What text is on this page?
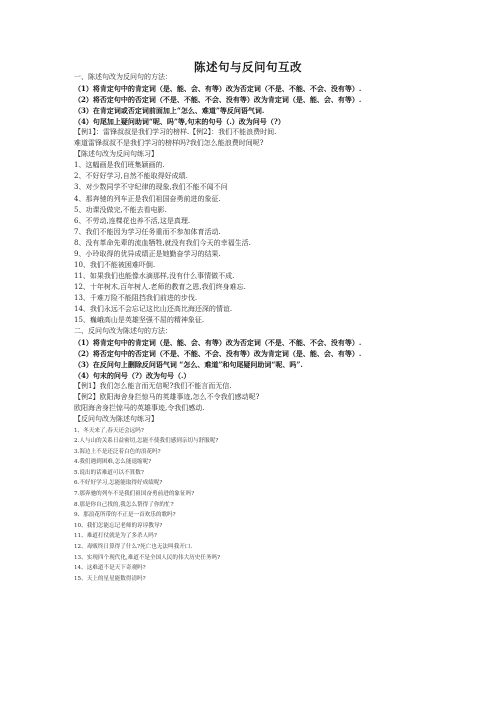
陈述句与反问句互改

一、陈述句改为反问句的方法：

（1）将肯定句中的肯定词（是、能、会、有等）改为否定词（不是、不能、不会、没有等）.

（2）将否定句中的否定词（不是、不能、不会、没有等）改为肯定词（是、能、会、有等）.

（3）在肯定词或否定词前面加上“怎么、难道”等反问语气词.

（4）句尾加上疑问助词“呢、吗”等,句末的句号（.）改为问号（?）

【例1】：雷锋叔叔是我们学习的榜样.【例2】：我们不能浪费时间.

难道雷锋叔叔不是我们学习的榜样吗?我们怎么能浪费时间呢?

【陈述句改为反问句练习】

1、这幅画是我们班集颖画的.

2、不好好学习,自然不能取得好成绩.

3、对少数同学不守纪律的现象,我们不能不闻不问

4、那奔驰的列车正是我们祖国奋勇前进的象征.

5、功课没做完,不能去看电影.

6、不劳动,连棵花也养不活,这是真理.

7、我们不能因为学习任务重而不参加体育活动.

8、没有革命先辈的流血牺牲,就没有我们今天的幸福生活.

9、小玲取得的优异成绩正是她勤奋学习的结果.

10、我们不能被困难吓倒.

11、如果我们也能像水滴那样,没有什么事情做不成.

12、十年树木,百年树人.老师的教育之恩,我们终身难忘.

13、千难万险不能阻挡我们前进的步伐.

14、我们永远不会忘记这比山还高比海还深的情谊.

15、巍峨高山是英雄坚强不屈的精神象征.

二、反问句改为陈述句的方法：

（1）将肯定句中的肯定词（是、能、会、有等）改为否定词（不是、不能、不会、没有等）.

（2）将否定句中的否定词（不是、不能、不会、没有等）改为肯定词（是、能、会、有等）.

（3）在反问句上删除反问语气词 “怎么、难道”和句尾疑问助词“呢、吗”.

（4）句末的问号（?）改为句号（.）

【例1】我们怎么能言而无信呢?我们不能言而无信.

【例2】欧阳海舍身拦惊马的英雄事迹,怎么不令我们感动呢?

欧阳海舍身拦惊马的英雄事迹,令我们感动.

【反问句改为陈述句练习】

1、冬天来了,春天还会远吗?

2.人与山的关系日益密切,怎能不使我们感到亲切与舒服呢?

3.海边上不是还泛着白色的浪花吗?

4.我们遇到困难,怎么能退缩呢?

5.说出的话难道可以不算数?

6.不好好学习,怎能能取得好成绩呢?

7.那奔驰的列车不是我们祖国奋勇前进的象征吗?

8.那是你自己找的,我怎么帮得了你的忙?

9、那浪花所带的不正是一首欢乐的歌吗?

10、我们怎能忘记老师的谆谆教导?

11、难道打仗就是为了多杀人吗?

12、毒贩终日算得了什么?死亡也无法叫我开口.

13、实现四个现代化,难道不是全国人民的伟大历史任务吗?

14、这难道不是天下奇观吗?

15、天上的星星能数得清吗?
